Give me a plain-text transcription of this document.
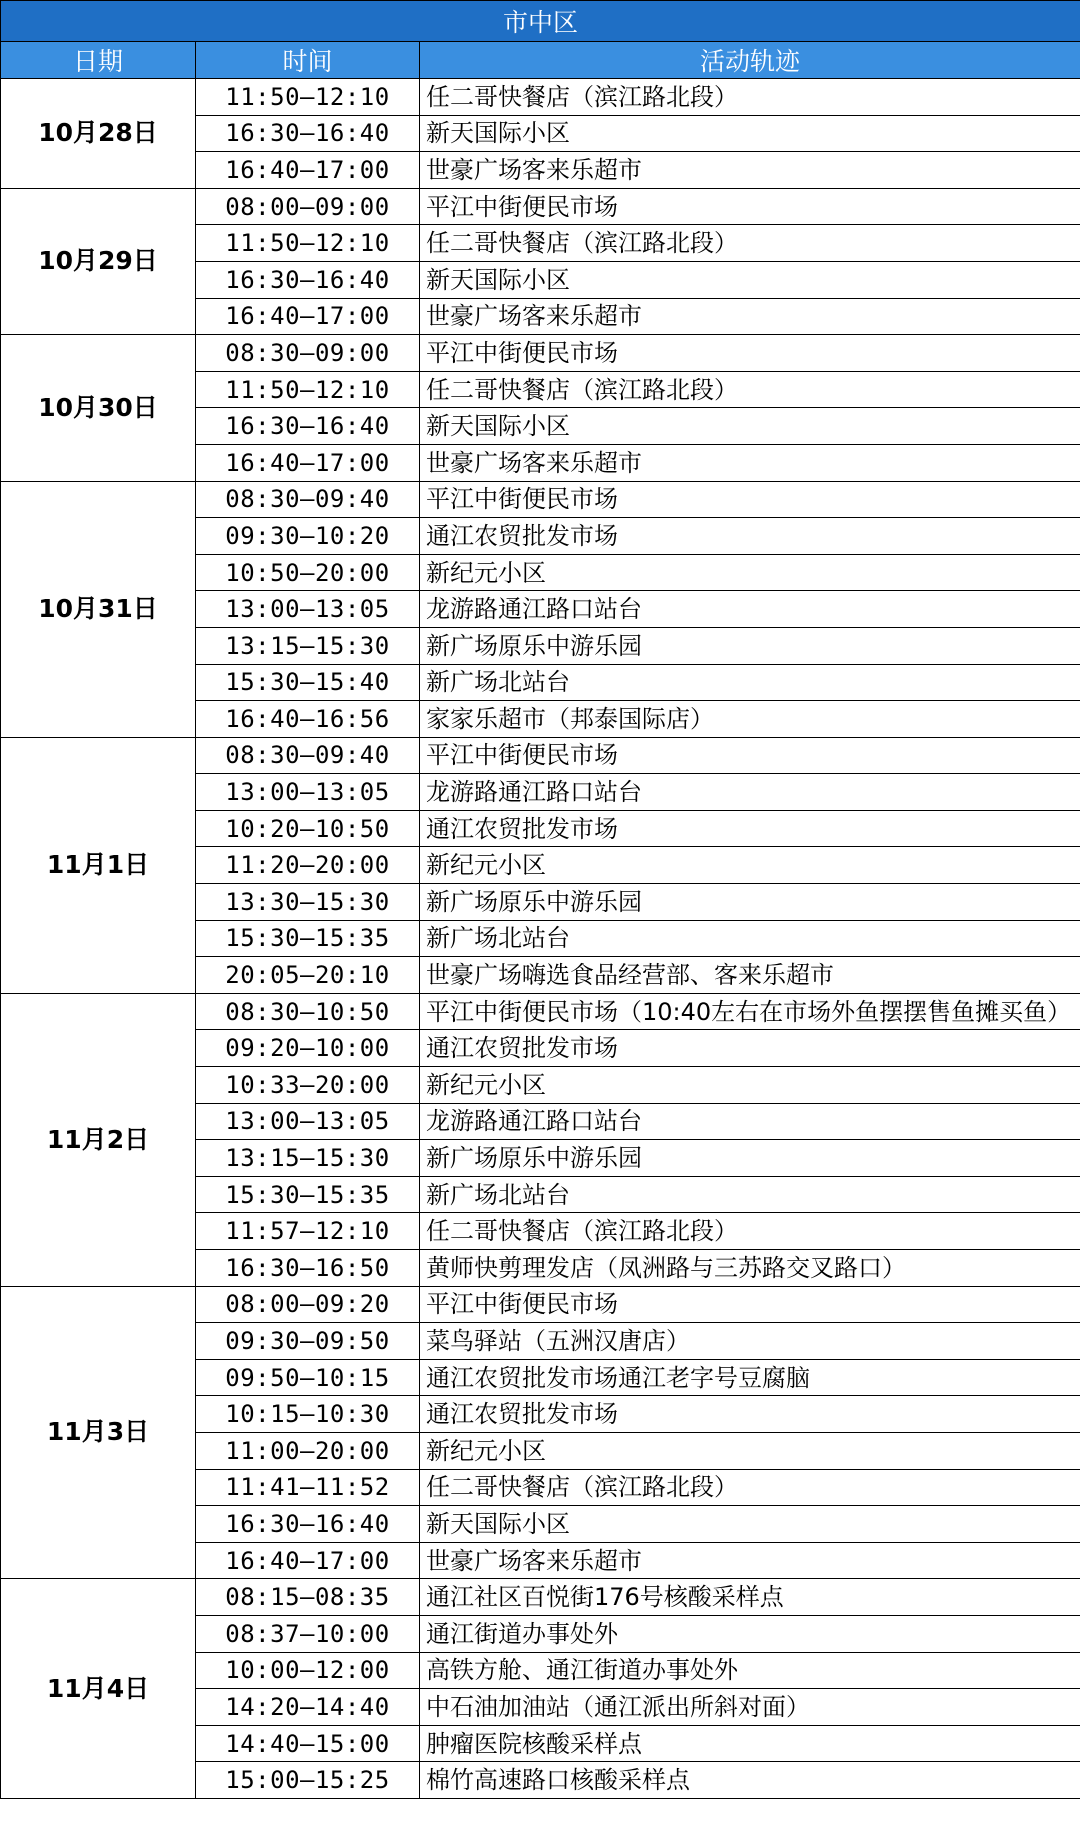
市中区		
日期	时间	活动轨迹
10月28日	11:50—12:10	任二哥快餐店（滨江路北段）
	16:30—16:40	新天国际小区
	16:40—17:00	世豪广场客来乐超市
10月29日	08:00—09:00	平江中街便民市场
	11:50—12:10	任二哥快餐店（滨江路北段）
	16:30—16:40	新天国际小区
	16:40—17:00	世豪广场客来乐超市
10月30日	08:30—09:00	平江中街便民市场
	11:50—12:10	任二哥快餐店（滨江路北段）
	16:30—16:40	新天国际小区
	16:40—17:00	世豪广场客来乐超市
10月31日	08:30—09:40	平江中街便民市场
	09:30—10:20	通江农贸批发市场
	10:50—20:00	新纪元小区
	13:00—13:05	龙游路通江路口站台
	13:15—15:30	新广场原乐中游乐园
	15:30—15:40	新广场北站台
	16:40—16:56	家家乐超市（邦泰国际店）
11月1日	08:30—09:40	平江中街便民市场
	13:00—13:05	龙游路通江路口站台
	10:20—10:50	通江农贸批发市场
	11:20—20:00	新纪元小区
	13:30—15:30	新广场原乐中游乐园
	15:30—15:35	新广场北站台
	20:05—20:10	世豪广场嗨选食品经营部、客来乐超市
11月2日	08:30—10:50	平江中街便民市场（10:40左右在市场外鱼摆摆售鱼摊买鱼）
	09:20—10:00	通江农贸批发市场
	10:33—20:00	新纪元小区
	13:00—13:05	龙游路通江路口站台
	13:15—15:30	新广场原乐中游乐园
	15:30—15:35	新广场北站台
	11:57—12:10	任二哥快餐店（滨江路北段）
	16:30—16:50	黄师快剪理发店（凤洲路与三苏路交叉路口）
11月3日	08:00—09:20	平江中街便民市场
	09:30—09:50	菜鸟驿站（五洲汉唐店）
	09:50—10:15	通江农贸批发市场通江老字号豆腐脑
	10:15—10:30	通江农贸批发市场
	11:00—20:00	新纪元小区
	11:41—11:52	任二哥快餐店（滨江路北段）
	16:30—16:40	新天国际小区
	16:40—17:00	世豪广场客来乐超市
11月4日	08:15—08:35	通江社区百悦街176号核酸采样点
	08:37—10:00	通江街道办事处外
	10:00—12:00	高铁方舱、通江街道办事处外
	14:20—14:40	中石油加油站（通江派出所斜对面）
	14:40—15:00	肿瘤医院核酸采样点
	15:00—15:25	棉竹高速路口核酸采样点
